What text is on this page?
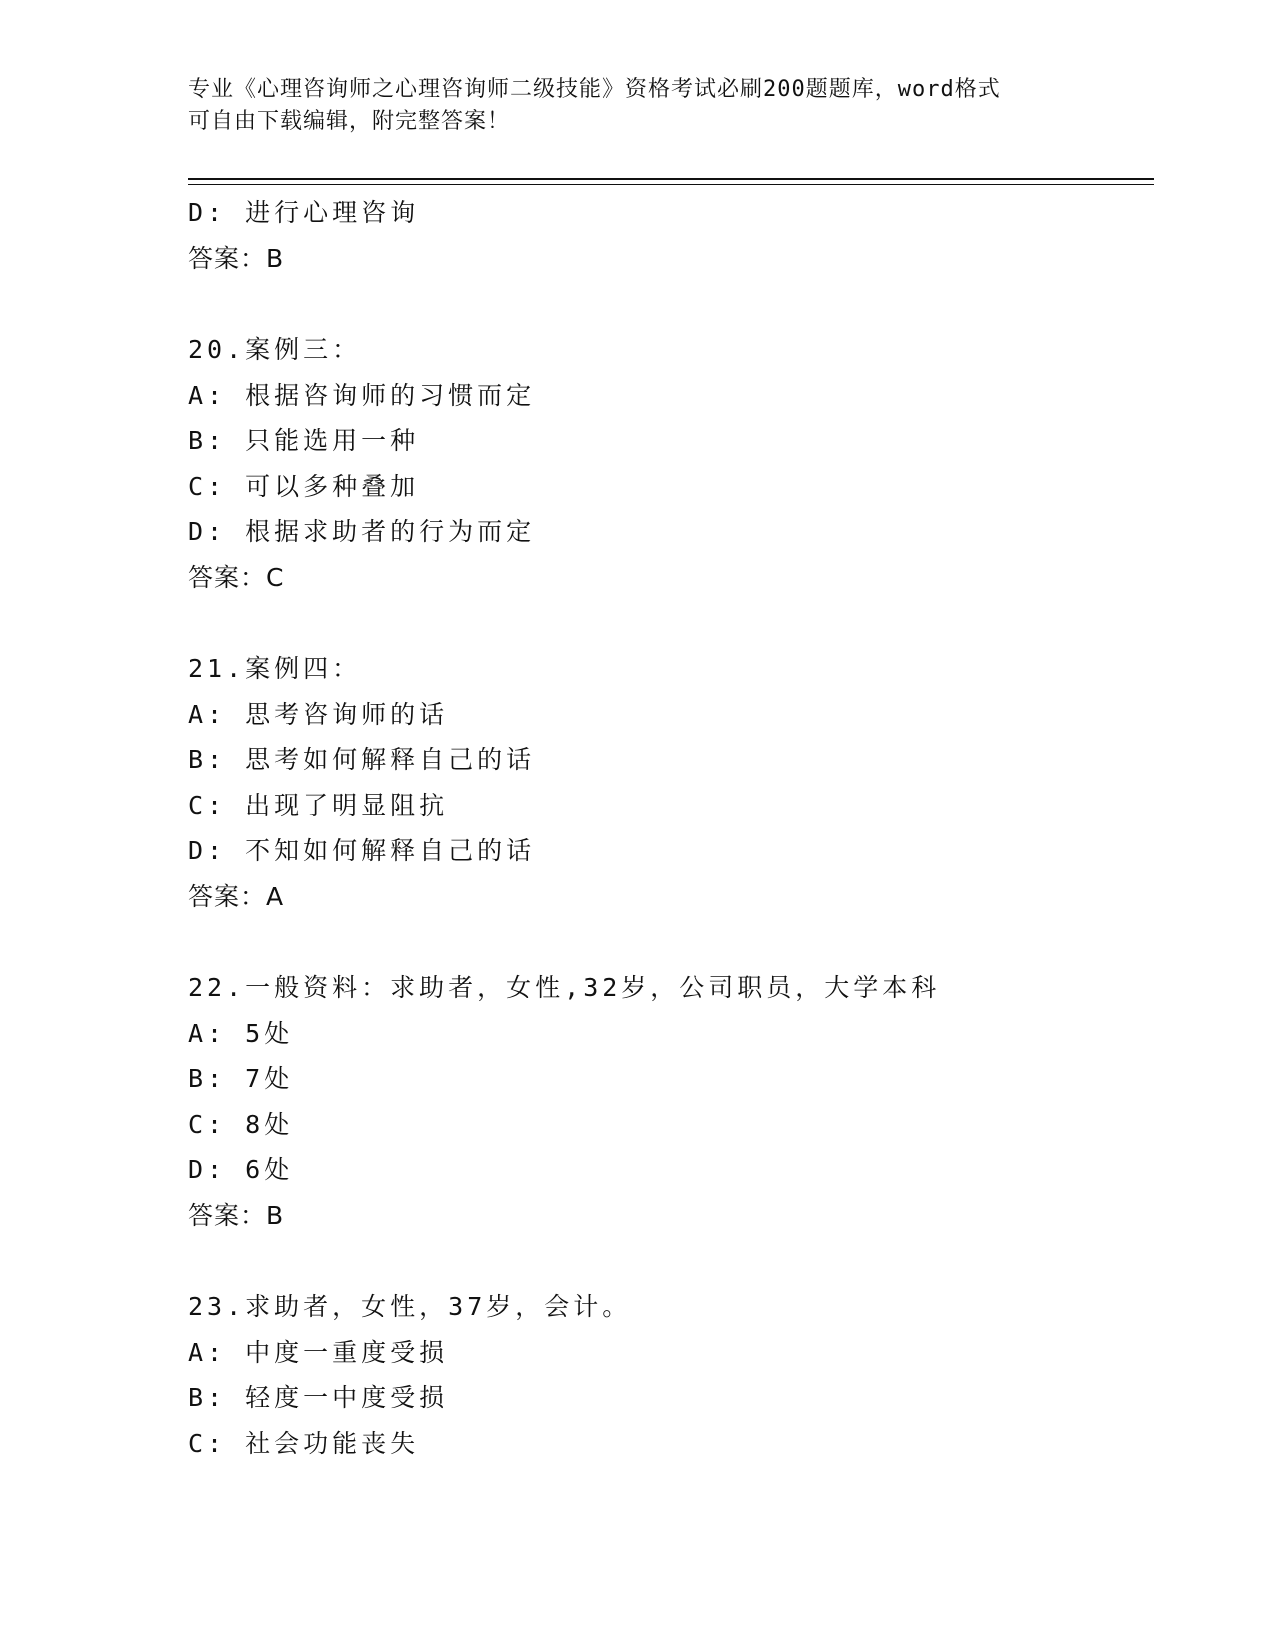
专业《心理咨询师之心理咨询师二级技能》资格考试必刷200题题库，word格式
可自由下载编辑，附完整答案！
D: 进行心理咨询
答案：B
20.案例三：
A: 根据咨询师的习惯而定
B: 只能选用一种
C: 可以多种叠加
D: 根据求助者的行为而定
答案：C
21.案例四：
A: 思考咨询师的话
B: 思考如何解释自己的话
C: 出现了明显阻抗
D: 不知如何解释自己的话
答案：A
22.一般资料：求助者，女性,32岁，公司职员，大学本科
A: 5处
B: 7处
C: 8处
D: 6处
答案：B
23.求助者，女性，37岁，会计。
A: 中度一重度受损
B: 轻度一中度受损
C: 社会功能丧失
